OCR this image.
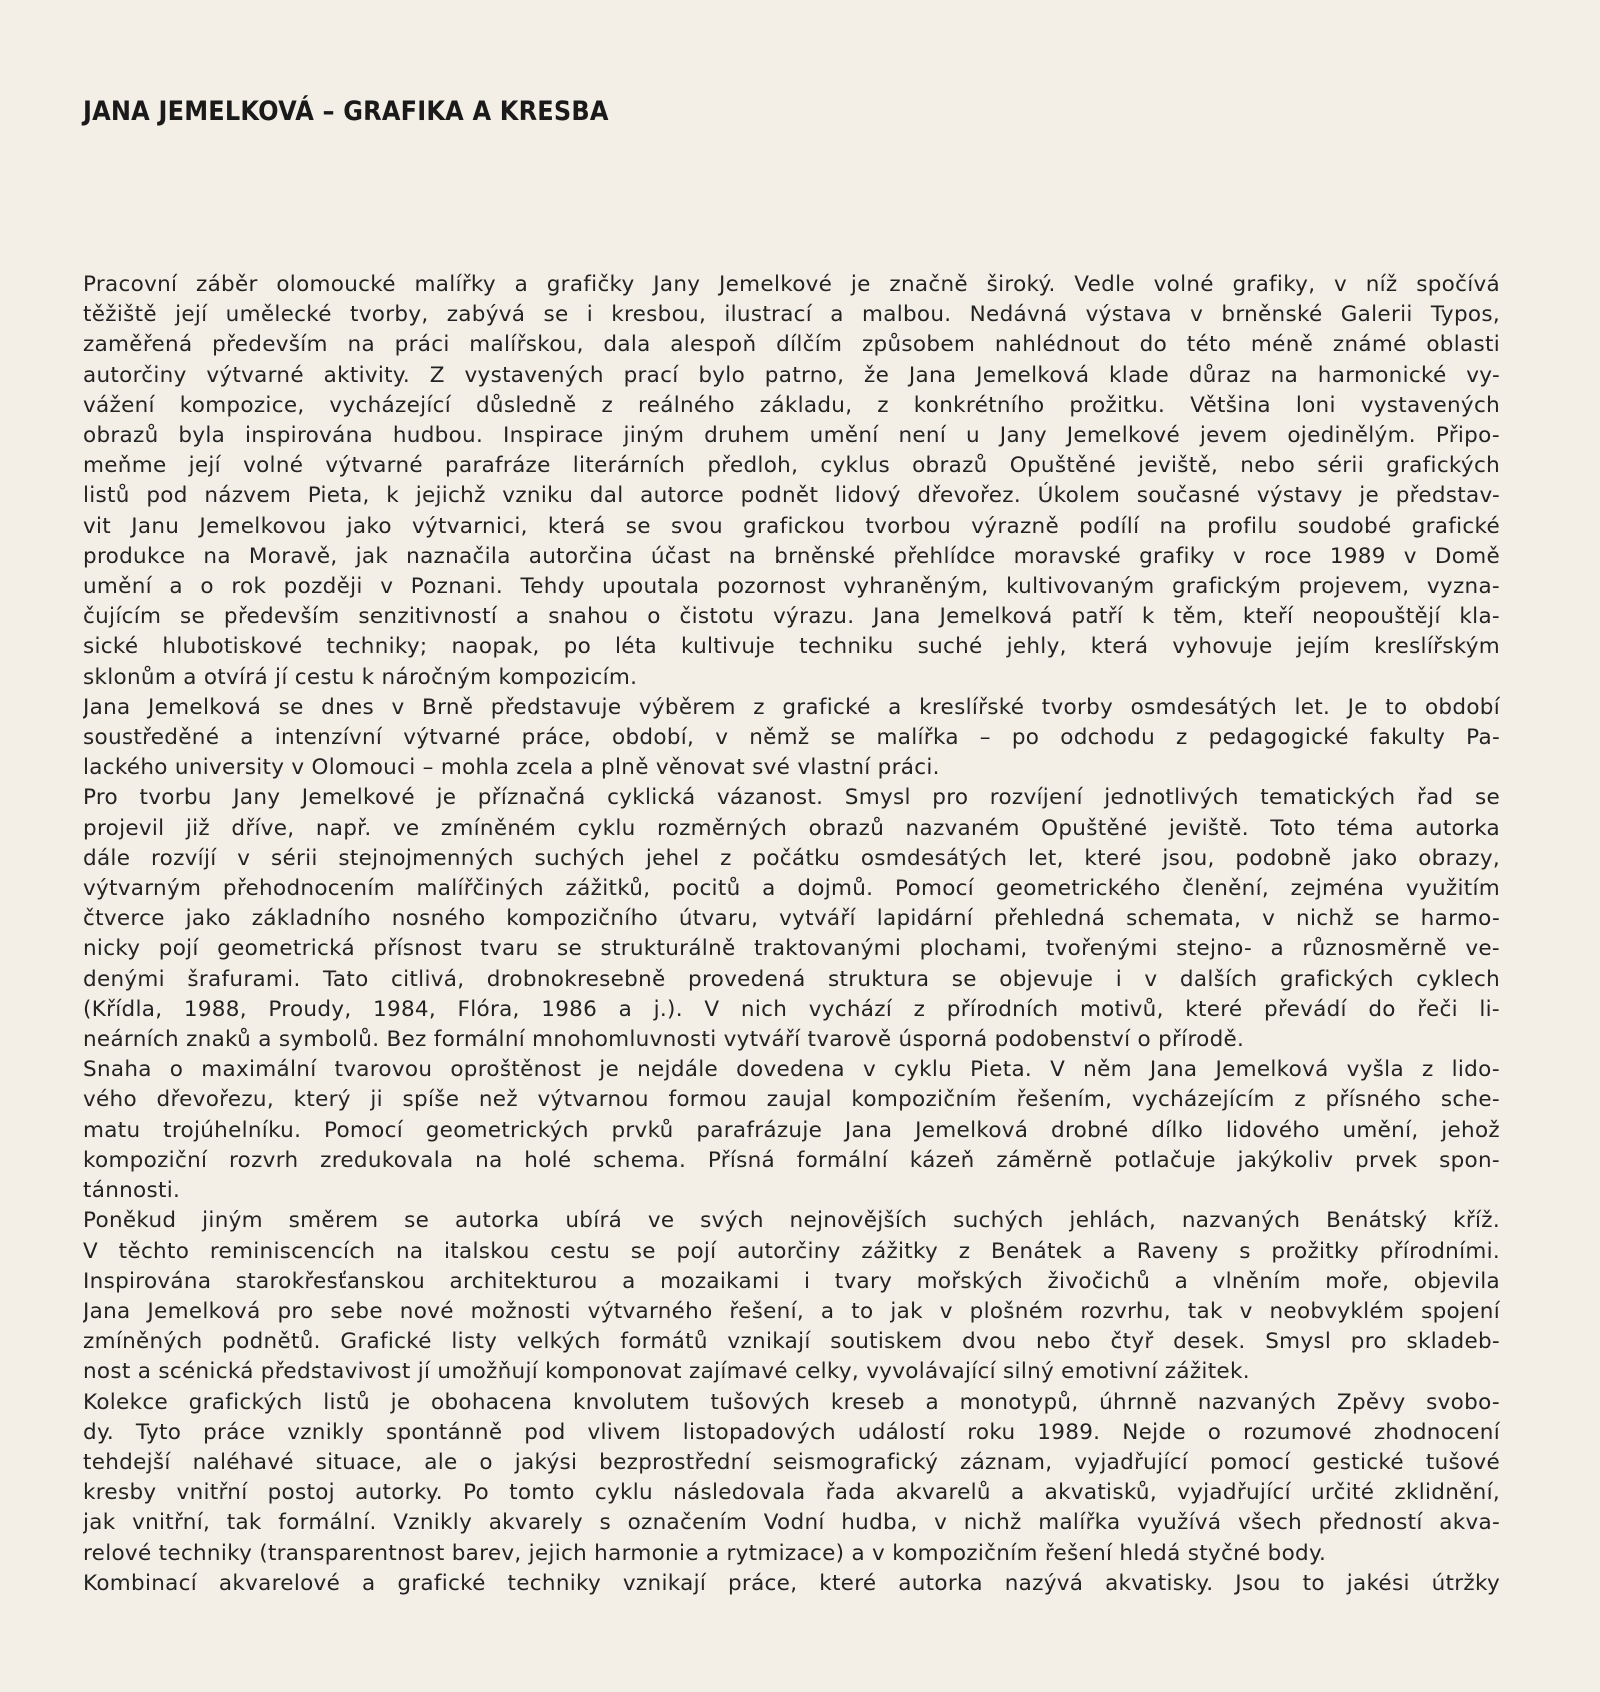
JANA JEMELKOVÁ – GRAFIKA A KRESBA

Pracovní záběr olomoucké malířky a grafičky Jany Jemelkové je značně široký. Vedle volné grafiky, v níž spočívá
těžiště její umělecké tvorby, zabývá se i kresbou, ilustrací a malbou. Nedávná výstava v brněnské Galerii Typos,
zaměřená především na práci malířskou, dala alespoň dílčím způsobem nahlédnout do této méně známé oblasti
autorčiny výtvarné aktivity. Z vystavených prací bylo patrno, že Jana Jemelková klade důraz na harmonické vy-
vážení kompozice, vycházející důsledně z reálného základu, z konkrétního prožitku. Většina loni vystavených
obrazů byla inspirována hudbou. Inspirace jiným druhem umění není u Jany Jemelkové jevem ojedinělým. Připo-
meňme její volné výtvarné parafráze literárních předloh, cyklus obrazů Opuštěné jeviště, nebo sérii grafických
listů pod názvem Pieta, k jejichž vzniku dal autorce podnět lidový dřevořez. Úkolem současné výstavy je představ-
vit Janu Jemelkovou jako výtvarnici, která se svou grafickou tvorbou výrazně podílí na profilu soudobé grafické
produkce na Moravě, jak naznačila autorčina účast na brněnské přehlídce moravské grafiky v roce 1989 v Domě
umění a o rok později v Poznani. Tehdy upoutala pozornost vyhraněným, kultivovaným grafickým projevem, vyzna-
čujícím se především senzitivností a snahou o čistotu výrazu. Jana Jemelková patří k těm, kteří neopouštějí kla-
sické hlubotiskové techniky; naopak, po léta kultivuje techniku suché jehly, která vyhovuje jejím kreslířským
sklonům a otvírá jí cestu k náročným kompozicím.

Jana Jemelková se dnes v Brně představuje výběrem z grafické a kreslířské tvorby osmdesátých let. Je to období
soustředěné a intenzívní výtvarné práce, období, v němž se malířka – po odchodu z pedagogické fakulty Pa-
lackého university v Olomouci – mohla zcela a plně věnovat své vlastní práci.

Pro tvorbu Jany Jemelkové je příznačná cyklická vázanost. Smysl pro rozvíjení jednotlivých tematických řad se
projevil již dříve, např. ve zmíněném cyklu rozměrných obrazů nazvaném Opuštěné jeviště. Toto téma autorka
dále rozvíjí v sérii stejnojmenných suchých jehel z počátku osmdesátých let, které jsou, podobně jako obrazy,
výtvarným přehodnocením malířčiných zážitků, pocitů a dojmů. Pomocí geometrického členění, zejména využitím
čtverce jako základního nosného kompozičního útvaru, vytváří lapidární přehledná schemata, v nichž se harmo-
nicky pojí geometrická přísnost tvaru se strukturálně traktovanými plochami, tvořenými stejno- a různosměrně ve-
denými šrafurami. Tato citlivá, drobnokresebně provedená struktura se objevuje i v dalších grafických cyklech
(Křídla, 1988, Proudy, 1984, Flóra, 1986 a j.). V nich vychází z přírodních motivů, které převádí do řeči li-
neárních znaků a symbolů. Bez formální mnohomluvnosti vytváří tvarově úsporná podobenství o přírodě.

Snaha o maximální tvarovou oproštěnost je nejdále dovedena v cyklu Pieta. V něm Jana Jemelková vyšla z lido-
vého dřevořezu, který ji spíše než výtvarnou formou zaujal kompozičním řešením, vycházejícím z přísného sche-
matu trojúhelníku. Pomocí geometrických prvků parafrázuje Jana Jemelková drobné dílko lidového umění, jehož
kompoziční rozvrh zredukovala na holé schema. Přísná formální kázeň záměrně potlačuje jakýkoliv prvek spon-
tánnosti.

Poněkud jiným směrem se autorka ubírá ve svých nejnovějších suchých jehlách, nazvaných Benátský kříž.
V těchto reminiscencích na italskou cestu se pojí autorčiny zážitky z Benátek a Raveny s prožitky přírodními.
Inspirována starokřesťanskou architekturou a mozaikami i tvary mořských živočichů a vlněním moře, objevila
Jana Jemelková pro sebe nové možnosti výtvarného řešení, a to jak v plošném rozvrhu, tak v neobvyklém spojení
zmíněných podnětů. Grafické listy velkých formátů vznikají soutiskem dvou nebo čtyř desek. Smysl pro skladeb-
nost a scénická představivost jí umožňují komponovat zajímavé celky, vyvolávající silný emotivní zážitek.

Kolekce grafických listů je obohacena knvolutem tušových kreseb a monotypů, úhrnně nazvaných Zpěvy svobo-
dy. Tyto práce vznikly spontánně pod vlivem listopadových událostí roku 1989. Nejde o rozumové zhodnocení
tehdejší naléhavé situace, ale o jakýsi bezprostřední seismografický záznam, vyjadřující pomocí gestické tušové
kresby vnitřní postoj autorky. Po tomto cyklu následovala řada akvarelů a akvatisků, vyjadřující určité zklidnění,
jak vnitřní, tak formální. Vznikly akvarely s označením Vodní hudba, v nichž malířka využívá všech předností akva-
relové techniky (transparentnost barev, jejich harmonie a rytmizace) a v kompozičním řešení hledá styčné body.

Kombinací akvarelové a grafické techniky vznikají práce, které autorka nazývá akvatisky. Jsou to jakési útržky
